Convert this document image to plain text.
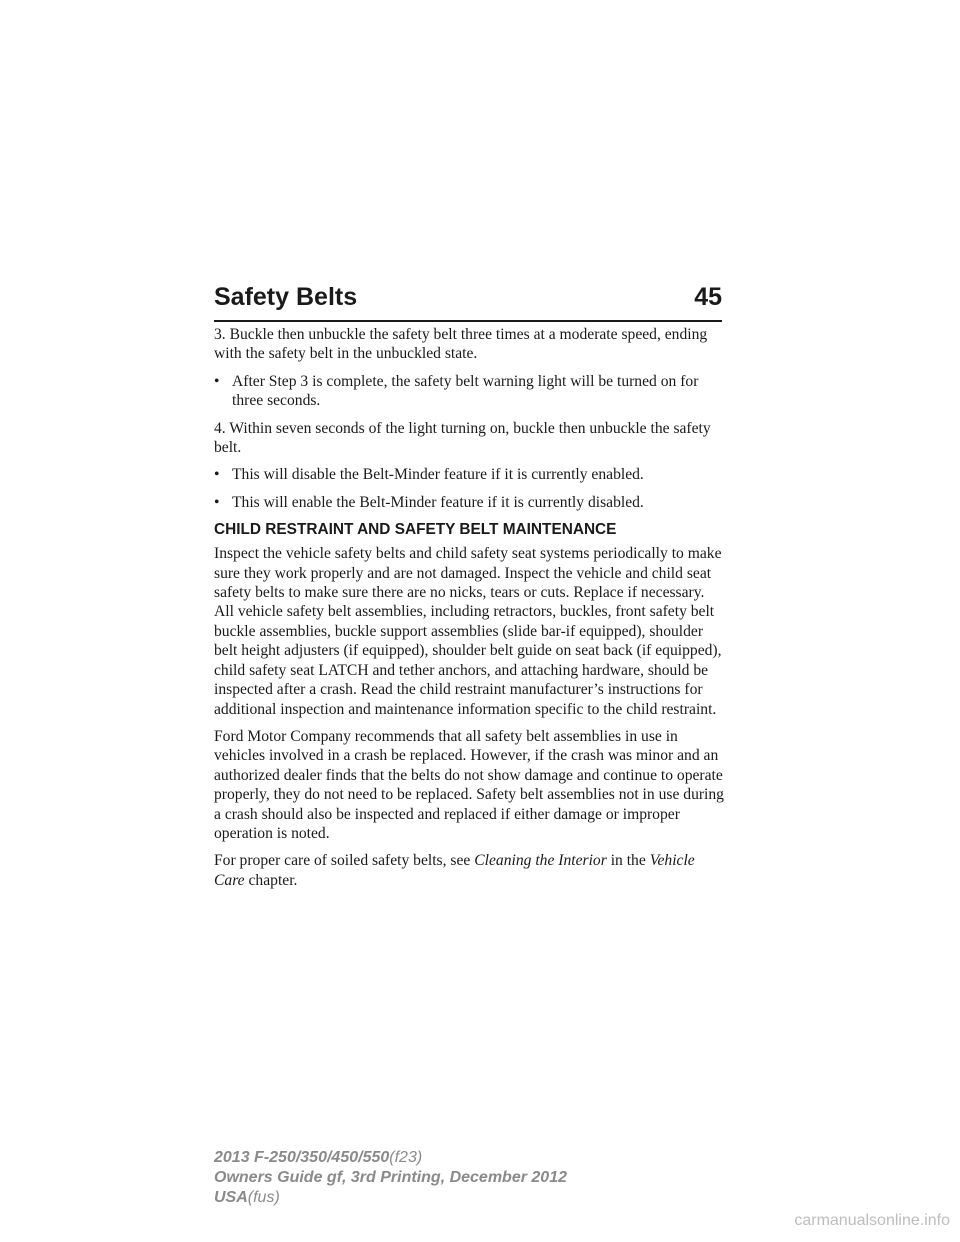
Safety Belts	45

3. Buckle then unbuckle the safety belt three times at a moderate speed, ending with the safety belt in the unbuckled state.

• After Step 3 is complete, the safety belt warning light will be turned on for three seconds.

4. Within seven seconds of the light turning on, buckle then unbuckle the safety belt.

• This will disable the Belt-Minder feature if it is currently enabled.
• This will enable the Belt-Minder feature if it is currently disabled.
CHILD RESTRAINT AND SAFETY BELT MAINTENANCE

Inspect the vehicle safety belts and child safety seat systems periodically to make sure they work properly and are not damaged. Inspect the vehicle and child seat safety belts to make sure there are no nicks, tears or cuts. Replace if necessary. All vehicle safety belt assemblies, including retractors, buckles, front safety belt buckle assemblies, buckle support assemblies (slide bar-if equipped), shoulder belt height adjusters (if equipped), shoulder belt guide on seat back (if equipped), child safety seat LATCH and tether anchors, and attaching hardware, should be inspected after a crash. Read the child restraint manufacturer’s instructions for additional inspection and maintenance information specific to the child restraint.

Ford Motor Company recommends that all safety belt assemblies in use in vehicles involved in a crash be replaced. However, if the crash was minor and an authorized dealer finds that the belts do not show damage and continue to operate properly, they do not need to be replaced. Safety belt assemblies not in use during a crash should also be inspected and replaced if either damage or improper operation is noted.

For proper care of soiled safety belts, see Cleaning the Interior in the Vehicle Care chapter.

2013 F-250/350/450/550(f23)
Owners Guide gf, 3rd Printing, December 2012
USA(fus)
carmanualsonline.info
